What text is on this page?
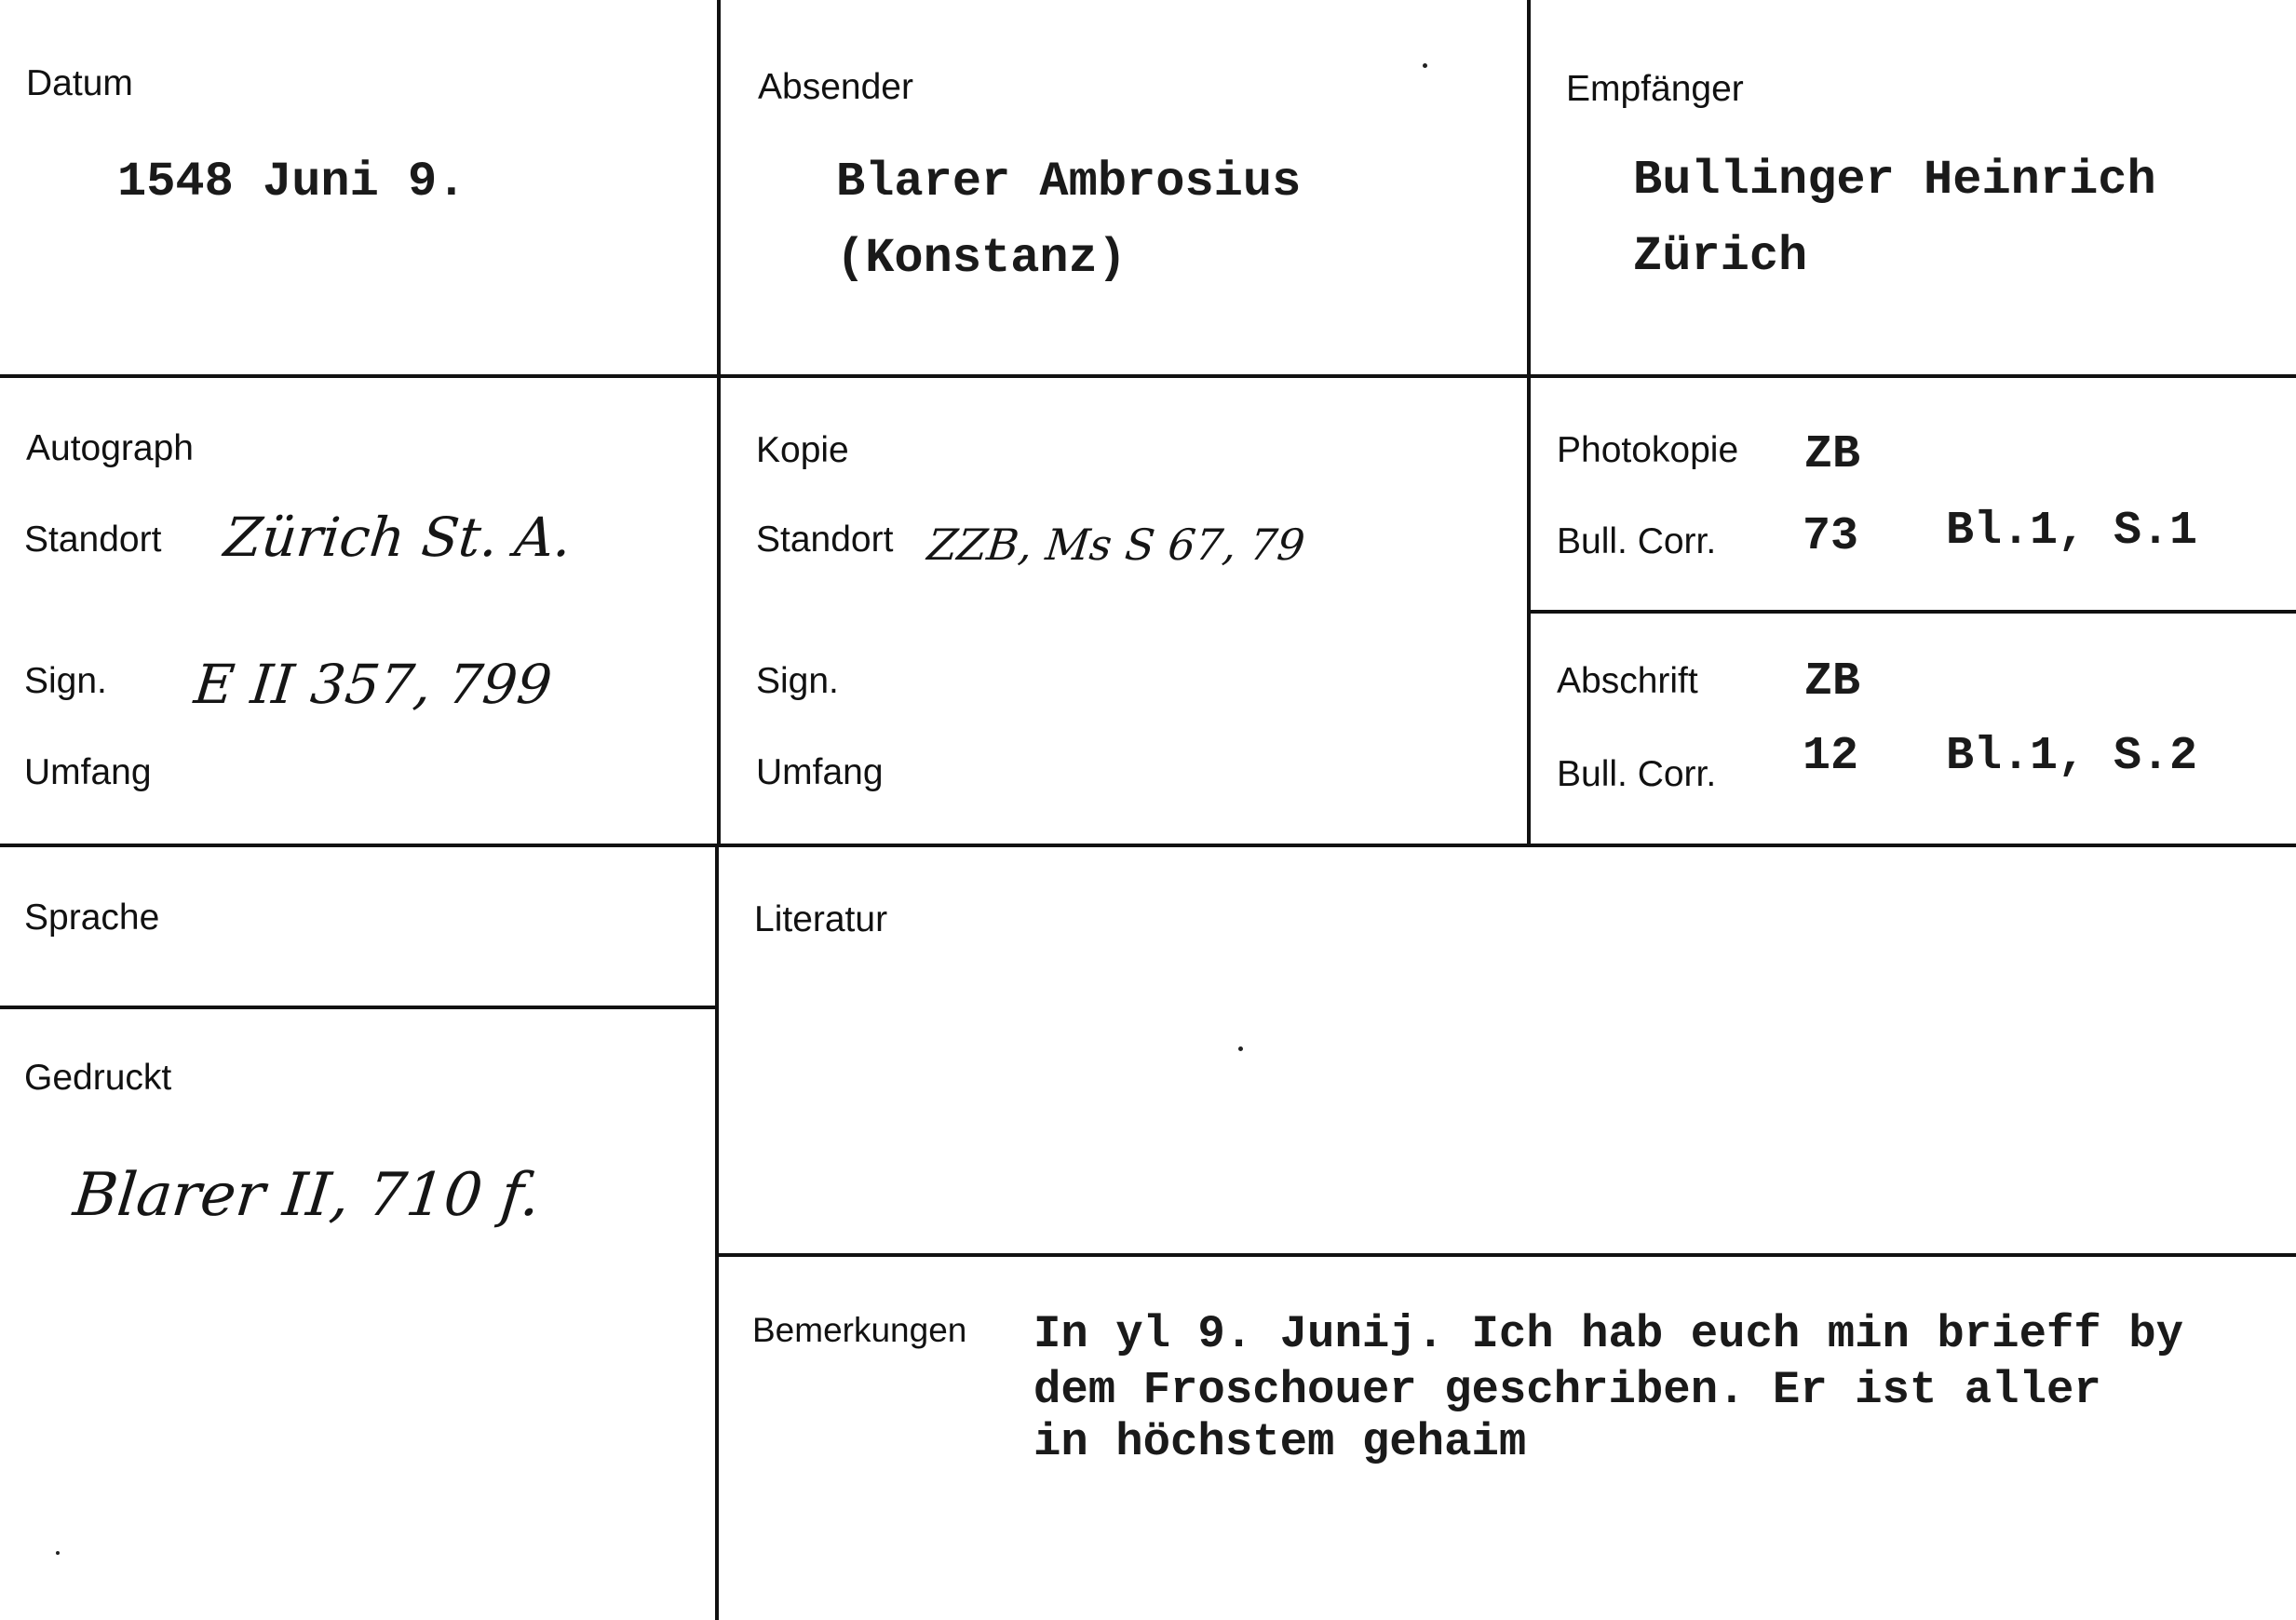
Datum
1548 Juni 9.
Absender
Blarer Ambrosius
(Konstanz)
Empfänger
Bullinger Heinrich
Zürich
Autograph
Standort Zürich St. A.
Sign. E II 357, 799
Umfang
Kopie
Standort ZZB, Ms S 67, 79
Sign.
Umfang
Photokopie ZB
Bull. Corr. 73 Bl.1, S.1
Abschrift ZB
Bull. Corr. 12 Bl.1, S.2
Sprache
Gedruckt
Blarer II, 710 f.
Literatur
Bemerkungen In yl 9. Junij. Ich hab euch min brieff by
dem Froschouer geschriben. Er ist aller
in höchstem gehaim
